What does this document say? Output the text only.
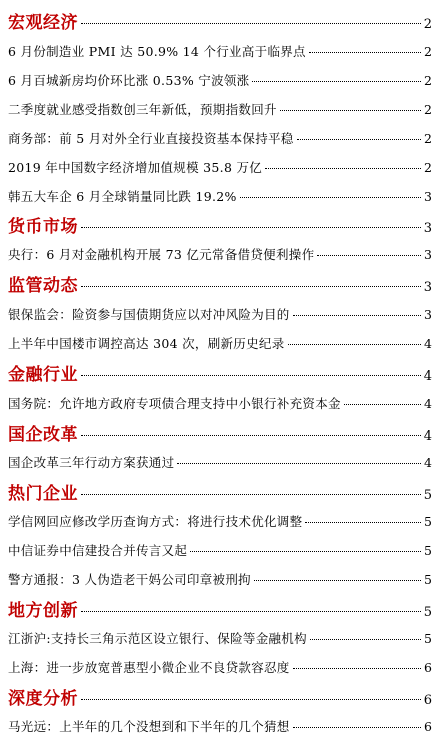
宏观经济	2
6 月份制造业 PMI 达 50.9% 14 个行业高于临界点	2
6 月百城新房均价环比涨 0.53% 宁波领涨	2
二季度就业感受指数创三年新低，预期指数回升	2
商务部：前 5 月对外全行业直接投资基本保持平稳	2
2019 年中国数字经济增加值规模 35.8 万亿	2
韩五大车企 6 月全球销量同比跌 19.2%	3
货币市场	3
央行：6 月对金融机构开展 73 亿元常备借贷便利操作	3
监管动态	3
银保监会：险资参与国债期货应以对冲风险为目的	3
上半年中国楼市调控高达 304 次，刷新历史纪录	4
金融行业	4
国务院：允许地方政府专项债合理支持中小银行补充资本金	4
国企改革	4
国企改革三年行动方案获通过	4
热门企业	5
学信网回应修改学历查询方式：将进行技术优化调整	5
中信证券中信建投合并传言又起	5
警方通报：3 人伪造老干妈公司印章被刑拘	5
地方创新	5
江浙沪:支持长三角示范区设立银行、保险等金融机构	5
上海：进一步放宽普惠型小微企业不良贷款容忍度	6
深度分析	6
马光远：上半年的几个没想到和下半年的几个猜想	6
